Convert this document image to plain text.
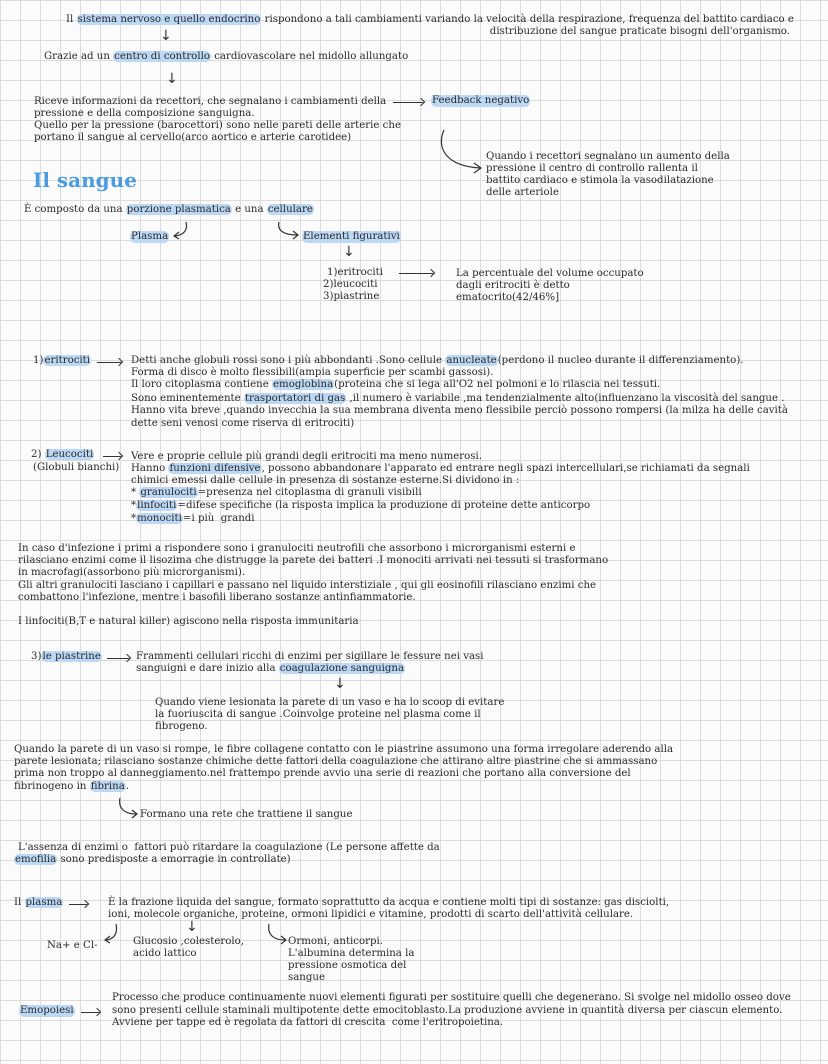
Il sistema nervoso e quello endocrino rispondono a tali cambiamenti variando la velocità della respirazione, frequenza del battito cardiaco e
distribuzione del sangue praticate bisogni dell'organismo.
↓
Grazie ad un centro di controllo cardiovascolare nel midollo allungato
↓
Riceve informazioni da recettori, che segnalano i cambiamenti della	Feedback negativo
pressione e della composizione sanguigna.
Quello per la pressione (barocettori) sono nelle pareti delle arterie che
portano il sangue al cervello(arco aortico e arterie carotidee)
Quando i recettori segnalano un aumento della
pressione il centro di controllo rallenta il
battito cardiaco e stimola la vasodilatazione
delle arteriole
Il sangue
È composto da una porzione plasmatica e una cellulare
Plasma	Elementi figurativi
↓
1)eritrociti
2)leucociti
3)piastrine
La percentuale del volume occupato
dagli eritrociti è detto
ematocrito(42/46%]
1)eritrociti	Detti anche globuli rossi sono i più abbondanti .Sono cellule anucleate(perdono il nucleo durante il differenziamento).
Forma di disco è molto flessibili(ampia superficie per scambi gassosi).
Il loro citoplasma contiene emoglobina(proteina che si lega all'O2 nel polmoni e lo rilascia nei tessuti.
Sono eminentemente trasportatori di gas ,il numero è variabile ,ma tendenzialmente alto(influenzano la viscosità del sangue .
Hanno vita breve ,quando invecchia la sua membrana diventa meno flessibile perciò possono rompersi (la milza ha delle cavità
dette seni venosi come riserva di eritrociti)
2) Leucociti
(Globuli bianchi)
Vere e proprie cellule più grandi degli eritrociti ma meno numerosi.
Hanno funzioni difensive, possono abbandonare l'apparato ed entrare negli spazi intercellulari,se richiamati da segnali
chimici emessi dalle cellule in presenza di sostanze esterne.Si dividono in :
* granulociti=presenza nel citoplasma di granuli visibili
*linfociti=difese specifiche (la risposta implica la produzione di proteine dette anticorpo
*monociti=i più  grandi
In caso d'infezione i primi a rispondere sono i granulociti neutrofili che assorbono i microrganismi esterni e
rilasciano enzimi come il lisozima che distrugge la parete dei batteri .I monociti arrivati nei tessuti si trasformano
in macrofagi(assorbono più microrganismi).
Gli altri granulociti lasciano i capillari e passano nel liquido interstiziale , qui gli eosinofili rilasciano enzimi che
combattono l'infezione, mentre i basofili liberano sostanze antinfiammatorie.
I linfociti(B,T e natural killer) agiscono nella risposta immunitaria
3)le piastrine	Frammenti cellulari ricchi di enzimi per sigillare le fessure nei vasi
sanguigni e dare inizio alla coagulazione sanguigna
↓
Quando viene lesionata la parete di un vaso e ha lo scoop di evitare
la fuoriuscita di sangue .Coinvolge proteine nel plasma come il
fibrogeno.
Quando la parete di un vaso si rompe, le fibre collagene contatto con le piastrine assumono una forma irregolare aderendo alla
parete lesionata; rilasciano sostanze chimiche dette fattori della coagulazione che attirano altre piastrine che si ammassano
prima non troppo al danneggiamento.nel frattempo prende avvio una serie di reazioni che portano alla conversione del
fibrinogeno in fibrina.
Formano una rete che trattiene il sangue
L'assenza di enzimi o  fattori può ritardare la coagulazione (Le persone affette da
emofilia sono predisposte a emorragie in controllate)
Il plasma	È la frazione liquida del sangue, formato soprattutto da acqua e contiene molti tipi di sostanze: gas disciolti,
ioni, molecole organiche, proteine, ormoni lipidici e vitamine, prodotti di scarto dell'attività cellulare.
Na+ e Cl-
↓
Glucosio ,colesterolo,
acido lattico
Ormoni, anticorpi.
L'albumina determina la
pressione osmotica del
sangue
Emopoiesi
Processo che produce continuamente nuovi elementi figurati per sostituire quelli che degenerano. Si svolge nel midollo osseo dove
sono presenti cellule staminali multipotente dette emocitoblasto.La produzione avviene in quantità diversa per ciascun elemento.
Avviene per tappe ed è regolata da fattori di crescita  come l'eritropoietina.
